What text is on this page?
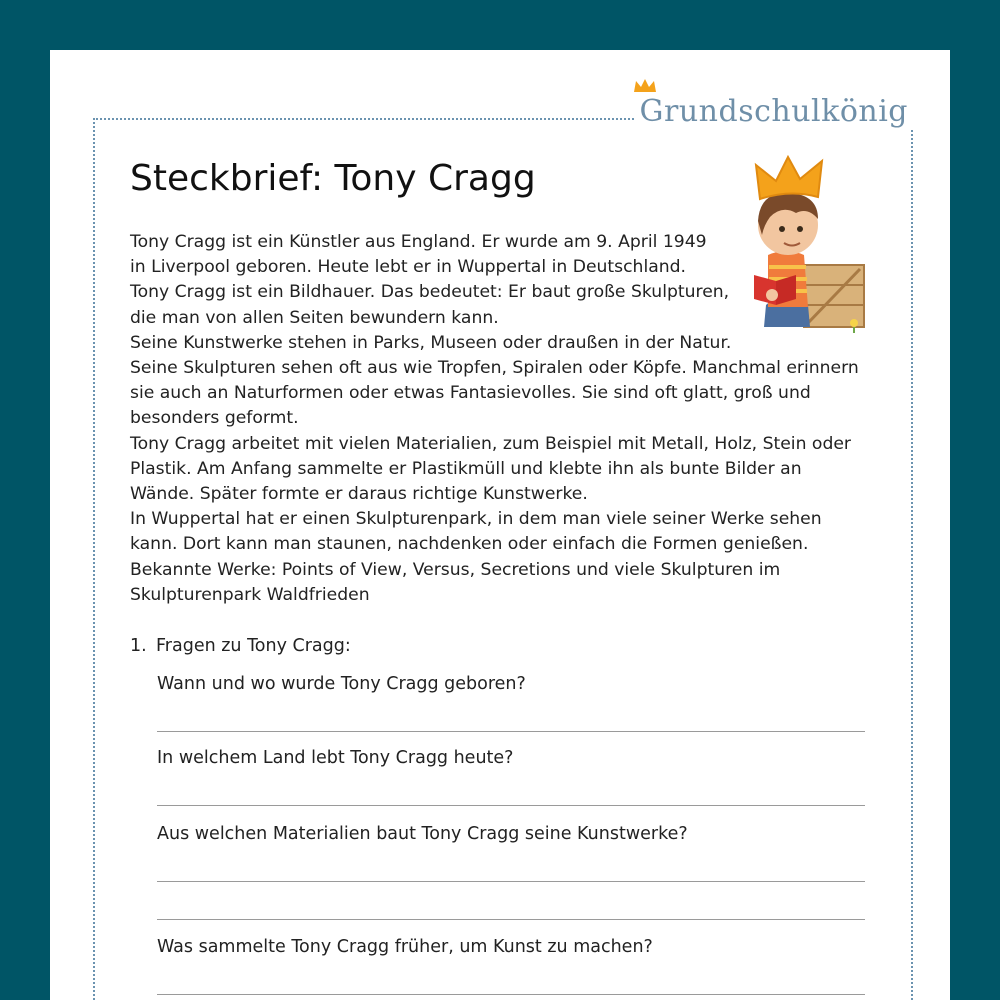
Grundschulkönig
Steckbrief: Tony Cragg
Tony Cragg ist ein Künstler aus England. Er wurde am 9. April 1949
in Liverpool geboren. Heute lebt er in Wuppertal in Deutschland.
Tony Cragg ist ein Bildhauer. Das bedeutet: Er baut große Skulpturen,
die man von allen Seiten bewundern kann.
Seine Kunstwerke stehen in Parks, Museen oder draußen in der Natur.
Seine Skulpturen sehen oft aus wie Tropfen, Spiralen oder Köpfe. Manchmal erinnern
sie auch an Naturformen oder etwas Fantasievolles. Sie sind oft glatt, groß und
besonders geformt.
Tony Cragg arbeitet mit vielen Materialien, zum Beispiel mit Metall, Holz, Stein oder
Plastik. Am Anfang sammelte er Plastikmüll und klebte ihn als bunte Bilder an
Wände. Später formte er daraus richtige Kunstwerke.
In Wuppertal hat er einen Skulpturenpark, in dem man viele seiner Werke sehen
kann. Dort kann man staunen, nachdenken oder einfach die Formen genießen.
Bekannte Werke: Points of View, Versus, Secretions und viele Skulpturen im
Skulpturenpark Waldfrieden
1. Fragen zu Tony Cragg:
Wann und wo wurde Tony Cragg geboren?
In welchem Land lebt Tony Cragg heute?
Aus welchen Materialien baut Tony Cragg seine Kunstwerke?
Was sammelte Tony Cragg früher, um Kunst zu machen?
